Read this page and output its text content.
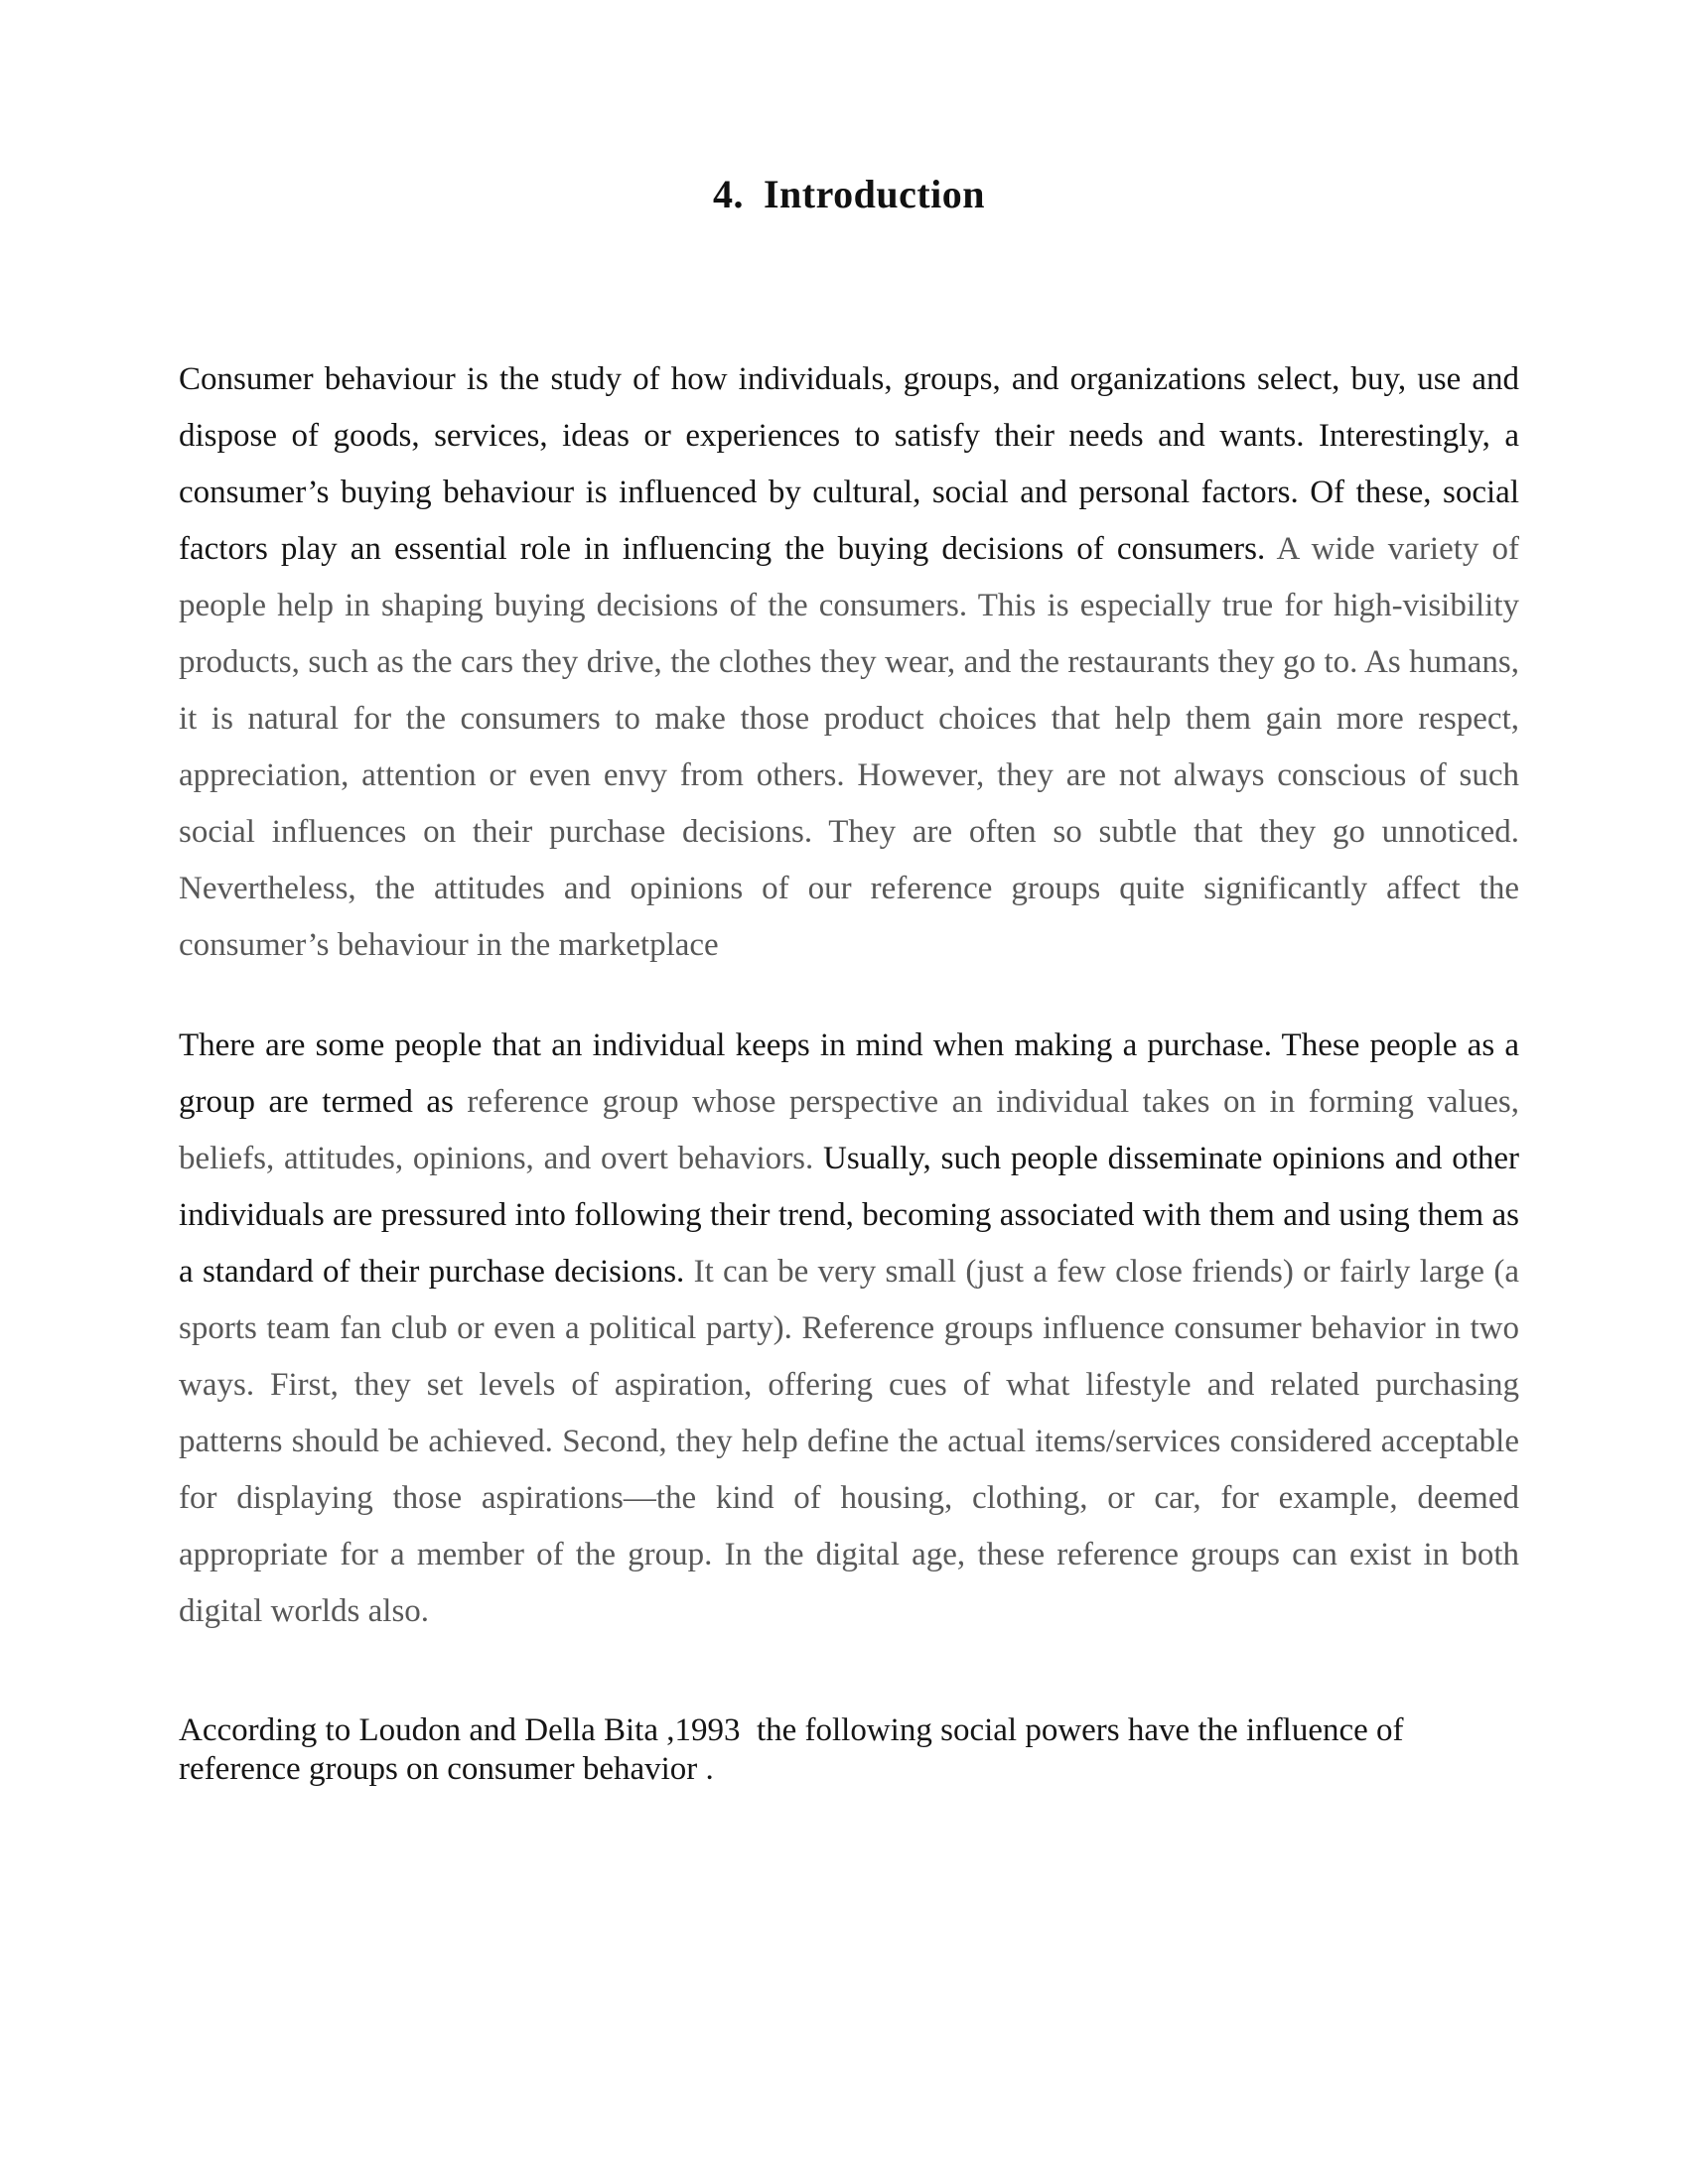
4. Introduction

Consumer behaviour is the study of how individuals, groups, and organizations select, buy, use and dispose of goods, services, ideas or experiences to satisfy their needs and wants. Interestingly, a consumer’s buying behaviour is influenced by cultural, social and personal factors. Of these, social factors play an essential role in influencing the buying decisions of consumers. A wide variety of people help in shaping buying decisions of the consumers. This is especially true for high-visibility products, such as the cars they drive, the clothes they wear, and the restaurants they go to. As humans, it is natural for the consumers to make those product choices that help them gain more respect, appreciation, attention or even envy from others. However, they are not always conscious of such social influences on their purchase decisions. They are often so subtle that they go unnoticed. Nevertheless, the attitudes and opinions of our reference groups quite significantly affect the consumer’s behaviour in the marketplace

There are some people that an individual keeps in mind when making a purchase. These people as a group are termed as reference group whose perspective an individual takes on in forming values, beliefs, attitudes, opinions, and overt behaviors. Usually, such people disseminate opinions and other individuals are pressured into following their trend, becoming associated with them and using them as a standard of their purchase decisions. It can be very small (just a few close friends) or fairly large (a sports team fan club or even a political party). Reference groups influence consumer behavior in two ways. First, they set levels of aspiration, offering cues of what lifestyle and related purchasing patterns should be achieved. Second, they help define the actual items/services considered acceptable for displaying those aspirations—the kind of housing, clothing, or car, for example, deemed appropriate for a member of the group. In the digital age, these reference groups can exist in both digital worlds also.

According to Loudon and Della Bita ,1993  the following social powers have the influence of reference groups on consumer behavior .
